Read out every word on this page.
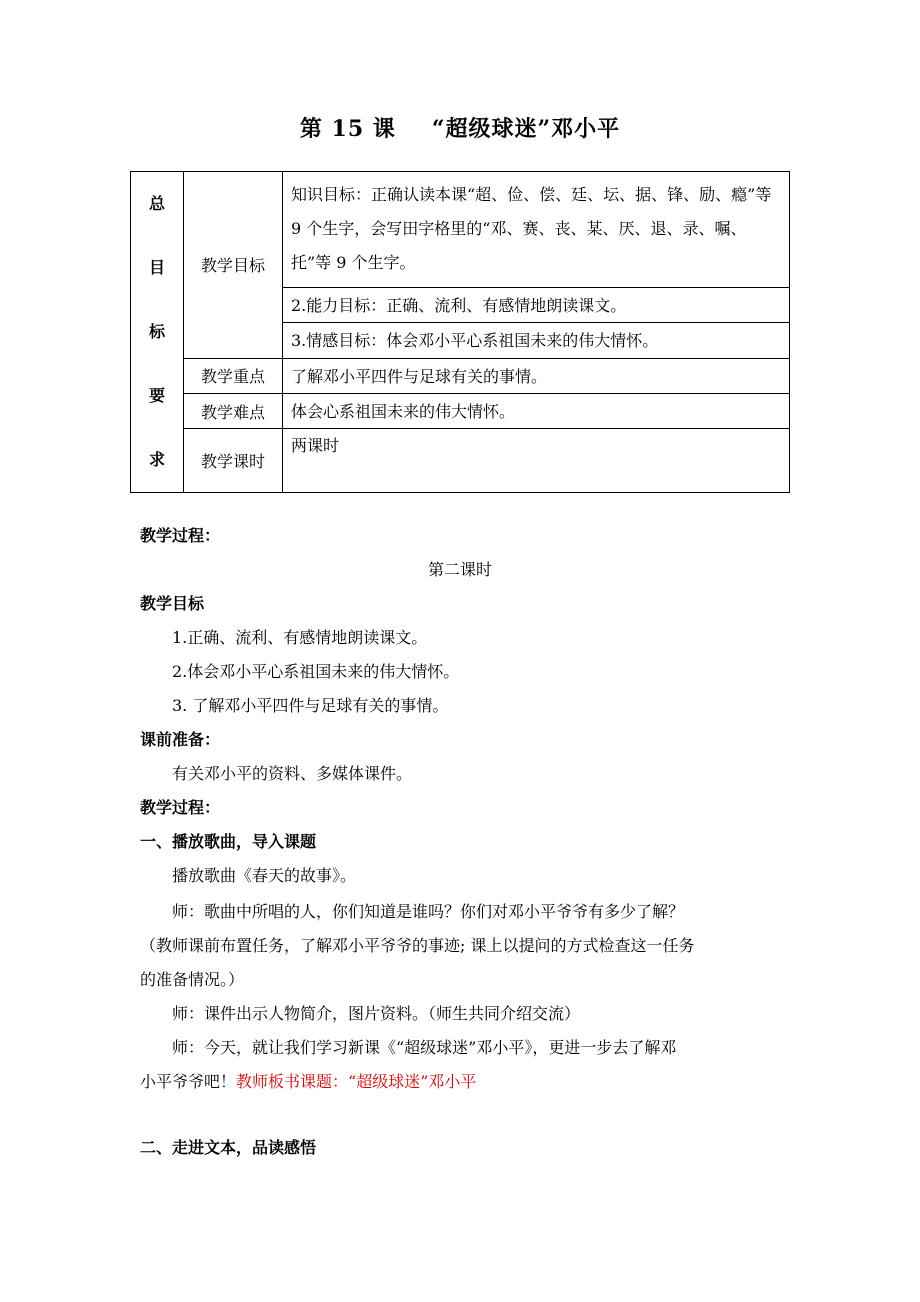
第 15 课 “超级球迷”邓小平
总
目
标
要
求	教学目标	知识目标：正确认读本课“超、俭、偿、廷、坛、据、锋、励、瘾”等 9 个生字，会写田字格里的“邓、赛、丧、某、厌、退、录、嘱、托”等 9 个生字。
		2.能力目标：正确、流利、有感情地朗读课文。
		3.情感目标：体会邓小平心系祖国未来的伟大情怀。
	教学重点	了解邓小平四件与足球有关的事情。
	教学难点	体会心系祖国未来的伟大情怀。
	教学课时	两课时
教学过程：
第二课时
教学目标
1.正确、流利、有感情地朗读课文。
2.体会邓小平心系祖国未来的伟大情怀。
3. 了解邓小平四件与足球有关的事情。
课前准备：
有关邓小平的资料、多媒体课件。
教学过程：
一、播放歌曲，导入课题
播放歌曲《春天的故事》。
师：歌曲中所唱的人，你们知道是谁吗？你们对邓小平爷爷有多少了解？
（教师课前布置任务，了解邓小平爷爷的事迹; 课上以提问的方式检查这一任务
的准备情况。）
师：课件出示人物简介，图片资料。（师生共同介绍交流）
师：今天，就让我们学习新课《“超级球迷”邓小平》，更进一步去了解邓
小平爷爷吧！教师板书课题：“超级球迷”邓小平
二、走进文本，品读感悟
